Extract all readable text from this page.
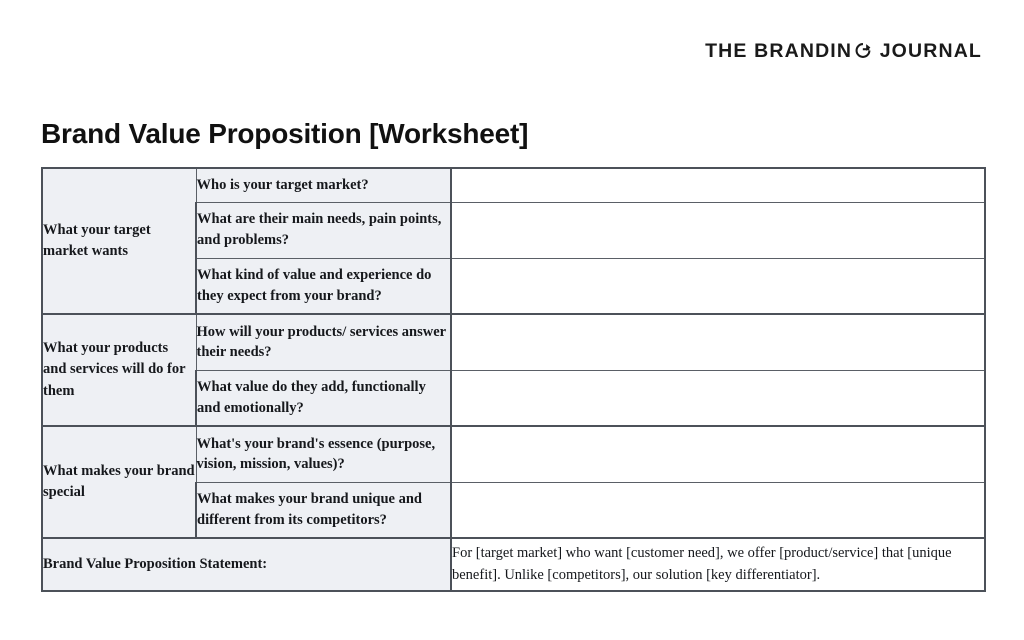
THE BRANDIN
JOURNAL
Brand Value Proposition [Worksheet]
What your target market wants	Who is your target market?	
	What are their main needs, pain points, and problems?	
	What kind of value and experience do they expect from your brand?	
What your products and services will do for them	How will your products/ services answer their needs?	
	What value do they add, functionally and emotionally?	
What makes your brand special	What's your brand's essence (purpose, vision, mission, values)?	
	What makes your brand unique and different from its competitors?	
Brand Value Proposition Statement:		For [target market] who want [customer need], we offer [product/service] that [unique benefit]. Unlike [competitors], our solution [key differentiator].
